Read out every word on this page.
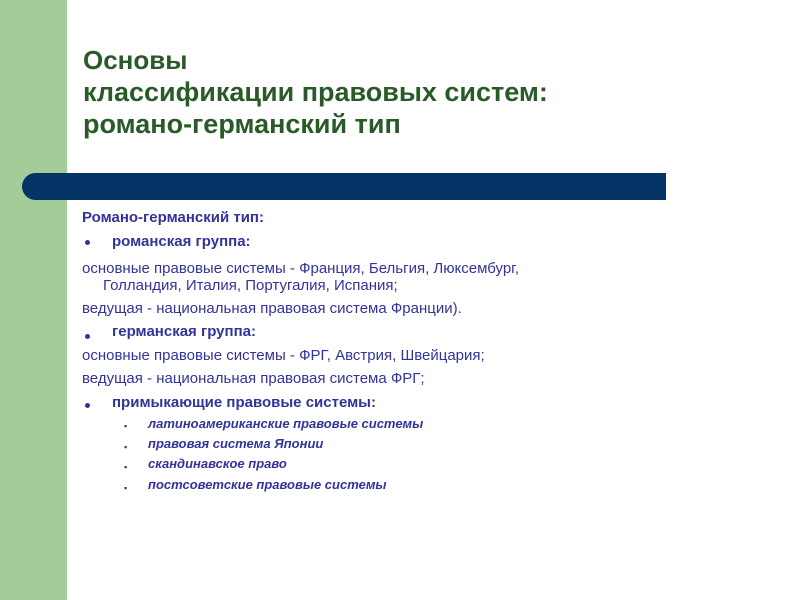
Основы
классификации правовых систем:
романо-германский тип

Романо-германский тип:

романская группа:

основные правовые системы - Франция, Бельгия, Люксембург,

Голландия, Италия, Португалия, Испания;

ведущая - национальная правовая система Франции).

германская группа:

основные правовые системы - ФРГ, Австрия, Швейцария;

ведущая - национальная правовая система ФРГ;

примыкающие правовые системы:

▪ латиноамериканские правовые системы

▪ правовая система Японии

▪ скандинавское право

▪ постсоветские правовые системы
